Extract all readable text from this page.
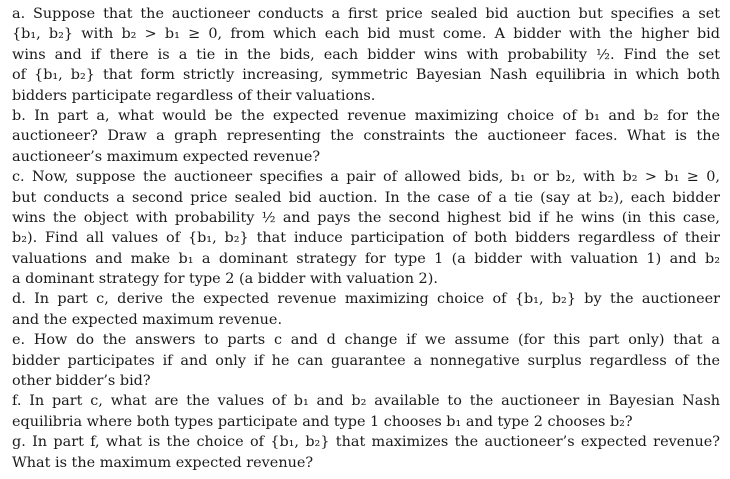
a. Suppose that the auctioneer conducts a first price sealed bid auction but specifies a set
{b₁, b₂} with b₂ > b₁ ≥ 0, from which each bid must come. A bidder with the higher bid
wins and if there is a tie in the bids, each bidder wins with probability ½. Find the set
of {b₁, b₂} that form strictly increasing, symmetric Bayesian Nash equilibria in which both
bidders participate regardless of their valuations.
b. In part a, what would be the expected revenue maximizing choice of b₁ and b₂ for the
auctioneer? Draw a graph representing the constraints the auctioneer faces. What is the
auctioneer’s maximum expected revenue?
c. Now, suppose the auctioneer specifies a pair of allowed bids, b₁ or b₂, with b₂ > b₁ ≥ 0,
but conducts a second price sealed bid auction. In the case of a tie (say at b₂), each bidder
wins the object with probability ½ and pays the second highest bid if he wins (in this case,
b₂). Find all values of {b₁, b₂} that induce participation of both bidders regardless of their
valuations and make b₁ a dominant strategy for type 1 (a bidder with valuation 1) and b₂
a dominant strategy for type 2 (a bidder with valuation 2).
d. In part c, derive the expected revenue maximizing choice of {b₁, b₂} by the auctioneer
and the expected maximum revenue.
e. How do the answers to parts c and d change if we assume (for this part only) that a
bidder participates if and only if he can guarantee a nonnegative surplus regardless of the
other bidder’s bid?
f. In part c, what are the values of b₁ and b₂ available to the auctioneer in Bayesian Nash
equilibria where both types participate and type 1 chooses b₁ and type 2 chooses b₂?
g. In part f, what is the choice of {b₁, b₂} that maximizes the auctioneer’s expected revenue?
What is the maximum expected revenue?
